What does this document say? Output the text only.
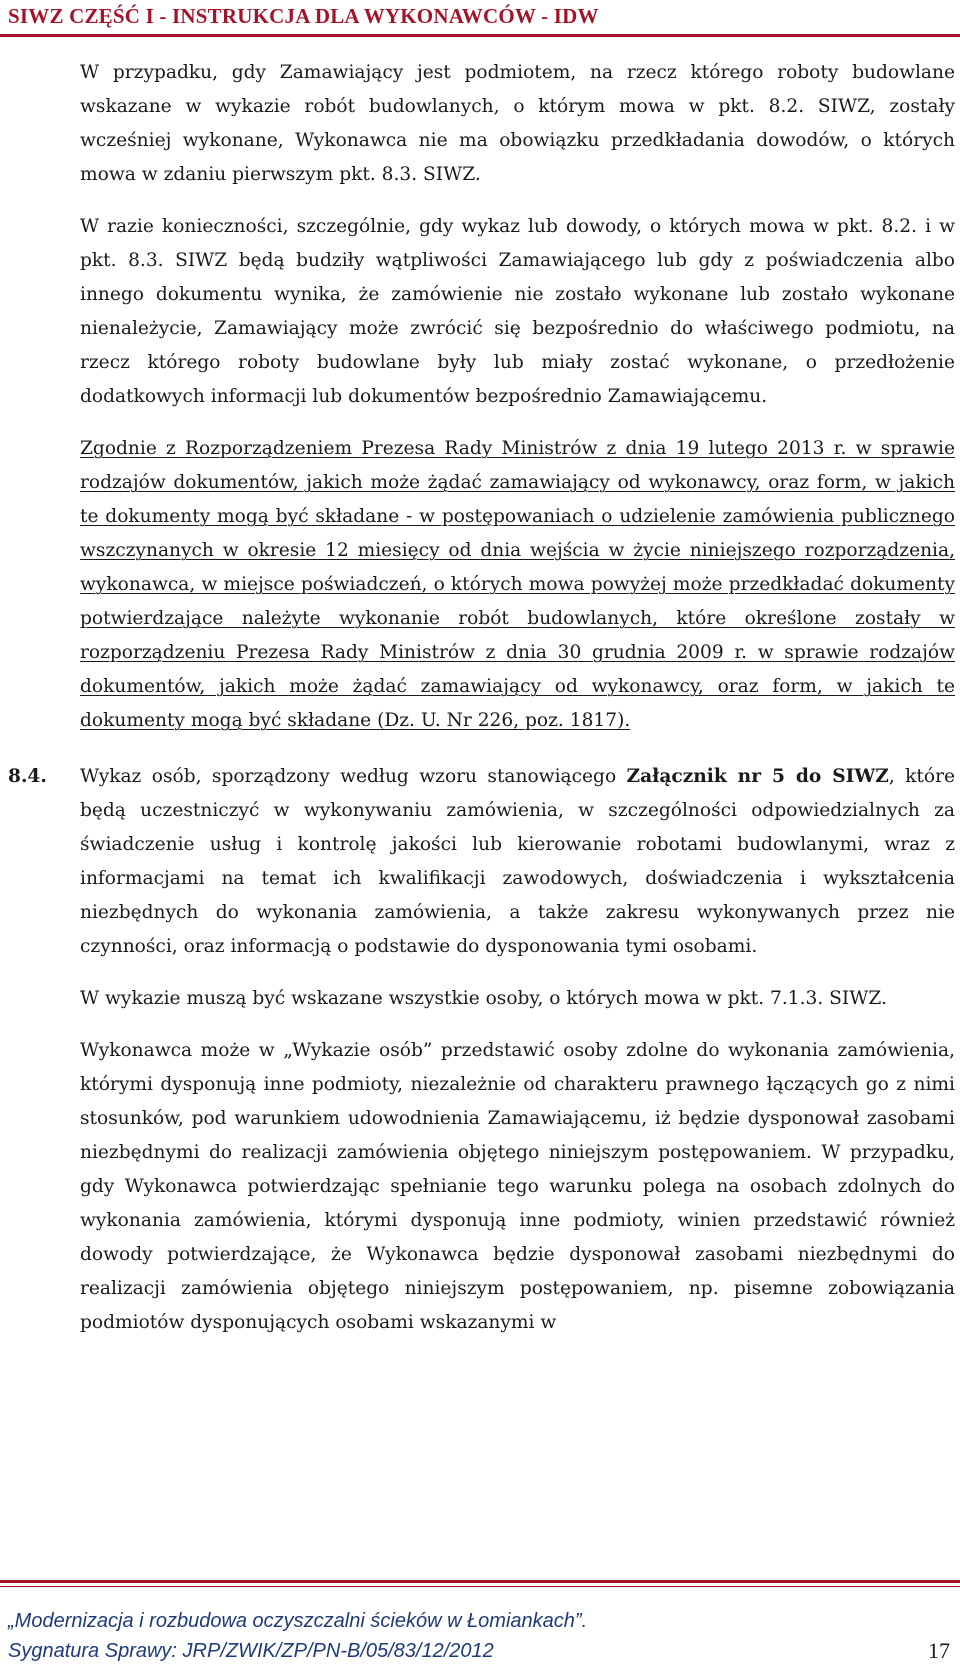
SIWZ CZĘŚĆ I - INSTRUKCJA DLA WYKONAWCÓW - IDW

W przypadku, gdy Zamawiający jest podmiotem, na rzecz którego roboty budowlane wskazane w wykazie robót budowlanych, o którym mowa w pkt. 8.2. SIWZ, zostały wcześniej wykonane, Wykonawca nie ma obowiązku przedkładania dowodów, o których mowa w zdaniu pierwszym pkt. 8.3. SIWZ.

W razie konieczności, szczególnie, gdy wykaz lub dowody, o których mowa w pkt. 8.2. i w pkt. 8.3. SIWZ będą budziły wątpliwości Zamawiającego lub gdy z poświadczenia albo innego dokumentu wynika, że zamówienie nie zostało wykonane lub zostało wykonane nienależycie, Zamawiający może zwrócić się bezpośrednio do właściwego podmiotu, na rzecz którego roboty budowlane były lub miały zostać wykonane, o przedłożenie dodatkowych informacji lub dokumentów bezpośrednio Zamawiającemu.

Zgodnie z Rozporządzeniem Prezesa Rady Ministrów z dnia 19 lutego 2013 r. w sprawie rodzajów dokumentów, jakich może żądać zamawiający od wykonawcy, oraz form, w jakich te dokumenty mogą być składane - w postępowaniach o udzielenie zamówienia publicznego wszczynanych w okresie 12 miesięcy od dnia wejścia w życie niniejszego rozporządzenia, wykonawca, w miejsce poświadczeń, o których mowa powyżej może przedkładać dokumenty potwierdzające należyte wykonanie robót budowlanych, które określone zostały w rozporządzeniu Prezesa Rady Ministrów z dnia 30 grudnia 2009 r. w sprawie rodzajów dokumentów, jakich może żądać zamawiający od wykonawcy, oraz form, w jakich te dokumenty mogą być składane (Dz. U. Nr 226, poz. 1817).

8.4. Wykaz osób, sporządzony według wzoru stanowiącego Załącznik nr 5 do SIWZ, które będą uczestniczyć w wykonywaniu zamówienia, w szczególności odpowiedzialnych za świadczenie usług i kontrolę jakości lub kierowanie robotami budowlanymi, wraz z informacjami na temat ich kwalifikacji zawodowych, doświadczenia i wykształcenia niezbędnych do wykonania zamówienia, a także zakresu wykonywanych przez nie czynności, oraz informacją o podstawie do dysponowania tymi osobami.

W wykazie muszą być wskazane wszystkie osoby, o których mowa w pkt. 7.1.3. SIWZ.

Wykonawca może w „Wykazie osób” przedstawić osoby zdolne do wykonania zamówienia, którymi dysponują inne podmioty, niezależnie od charakteru prawnego łączących go z nimi stosunków, pod warunkiem udowodnienia Zamawiającemu, iż będzie dysponował zasobami niezbędnymi do realizacji zamówienia objętego niniejszym postępowaniem. W przypadku, gdy Wykonawca potwierdzając spełnianie tego warunku polega na osobach zdolnych do wykonania zamówienia, którymi dysponują inne podmioty, winien przedstawić również dowody potwierdzające, że Wykonawca będzie dysponował zasobami niezbędnymi do realizacji zamówienia objętego niniejszym postępowaniem, np. pisemne zobowiązania podmiotów dysponujących osobami wskazanymi w

„Modernizacja i rozbudowa oczyszczalni ścieków w Łomiankach”.
Sygnatura Sprawy: JRP/ZWIK/ZP/PN-B/05/83/12/2012	17
